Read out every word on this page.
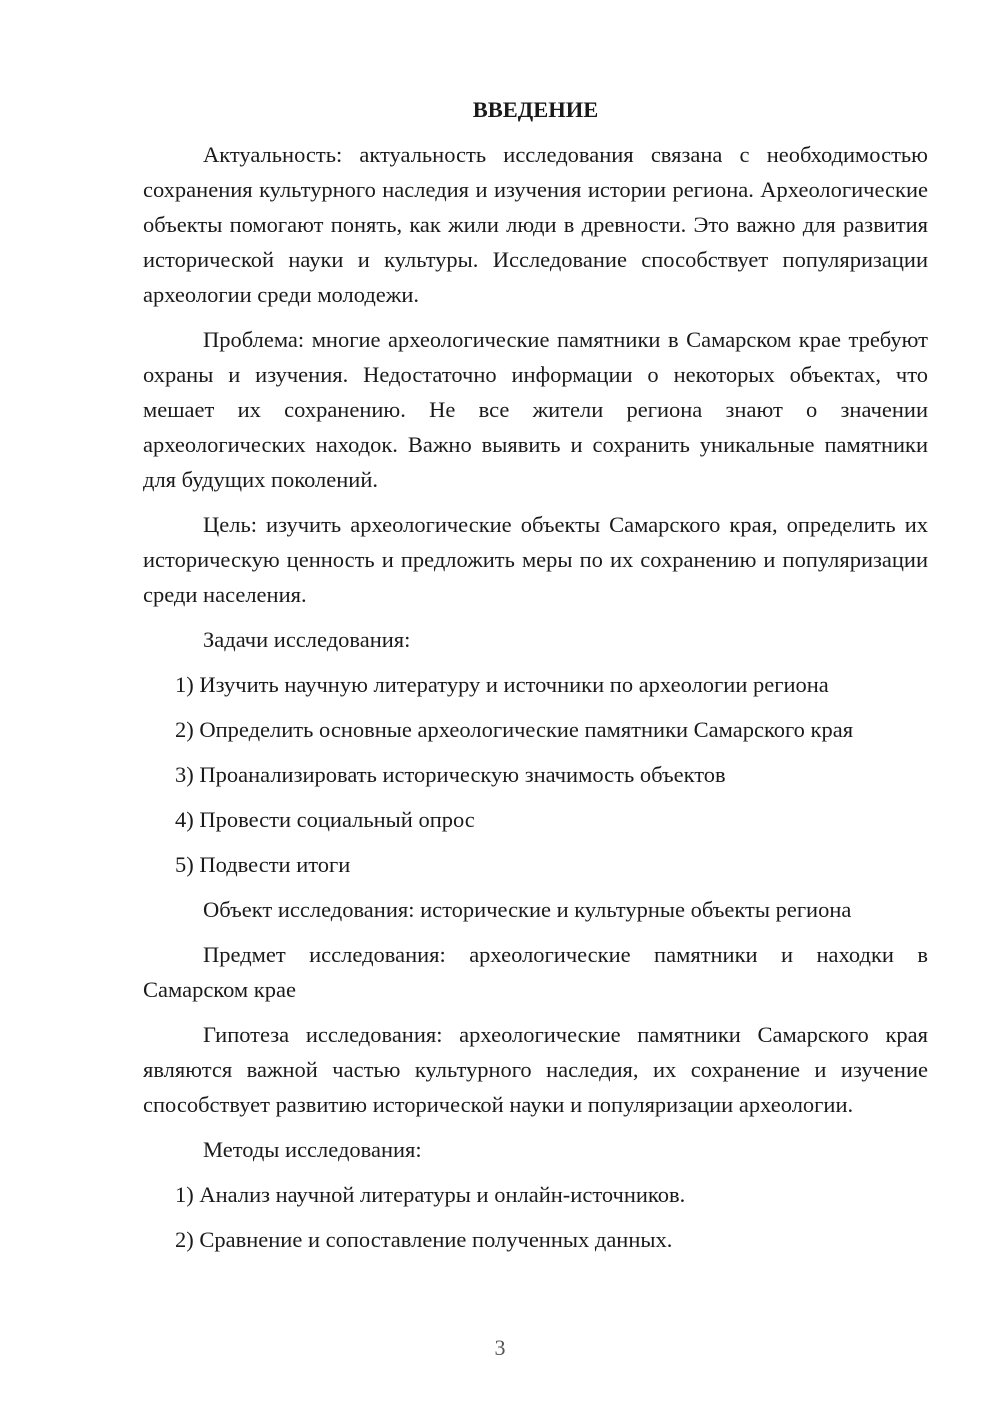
ВВЕДЕНИЕ

Актуальность: актуальность исследования связана с необходимостью сохранения культурного наследия и изучения истории региона. Археологические объекты помогают понять, как жили люди в древности. Это важно для развития исторической науки и культуры. Исследование способствует популяризации археологии среди молодежи.

Проблема: многие археологические памятники в Самарском крае требуют охраны и изучения. Недостаточно информации о некоторых объектах, что мешает их сохранению. Не все жители региона знают о значении археологических находок. Важно выявить и сохранить уникальные памятники для будущих поколений.

Цель: изучить археологические объекты Самарского края, определить их историческую ценность и предложить меры по их сохранению и популяризации среди населения.

Задачи исследования:

1) Изучить научную литературу и источники по археологии региона
2) Определить основные археологические памятники Самарского края
3) Проанализировать историческую значимость объектов
4) Провести социальный опрос
5) Подвести итоги

Объект исследования: исторические и культурные объекты региона

Предмет исследования: археологические памятники и находки в Самарском крае

Гипотеза исследования: археологические памятники Самарского края являются важной частью культурного наследия, их сохранение и изучение способствует развитию исторической науки и популяризации археологии.

Методы исследования:

1) Анализ научной литературы и онлайн-источников.
2) Сравнение и сопоставление полученных данных.
3
